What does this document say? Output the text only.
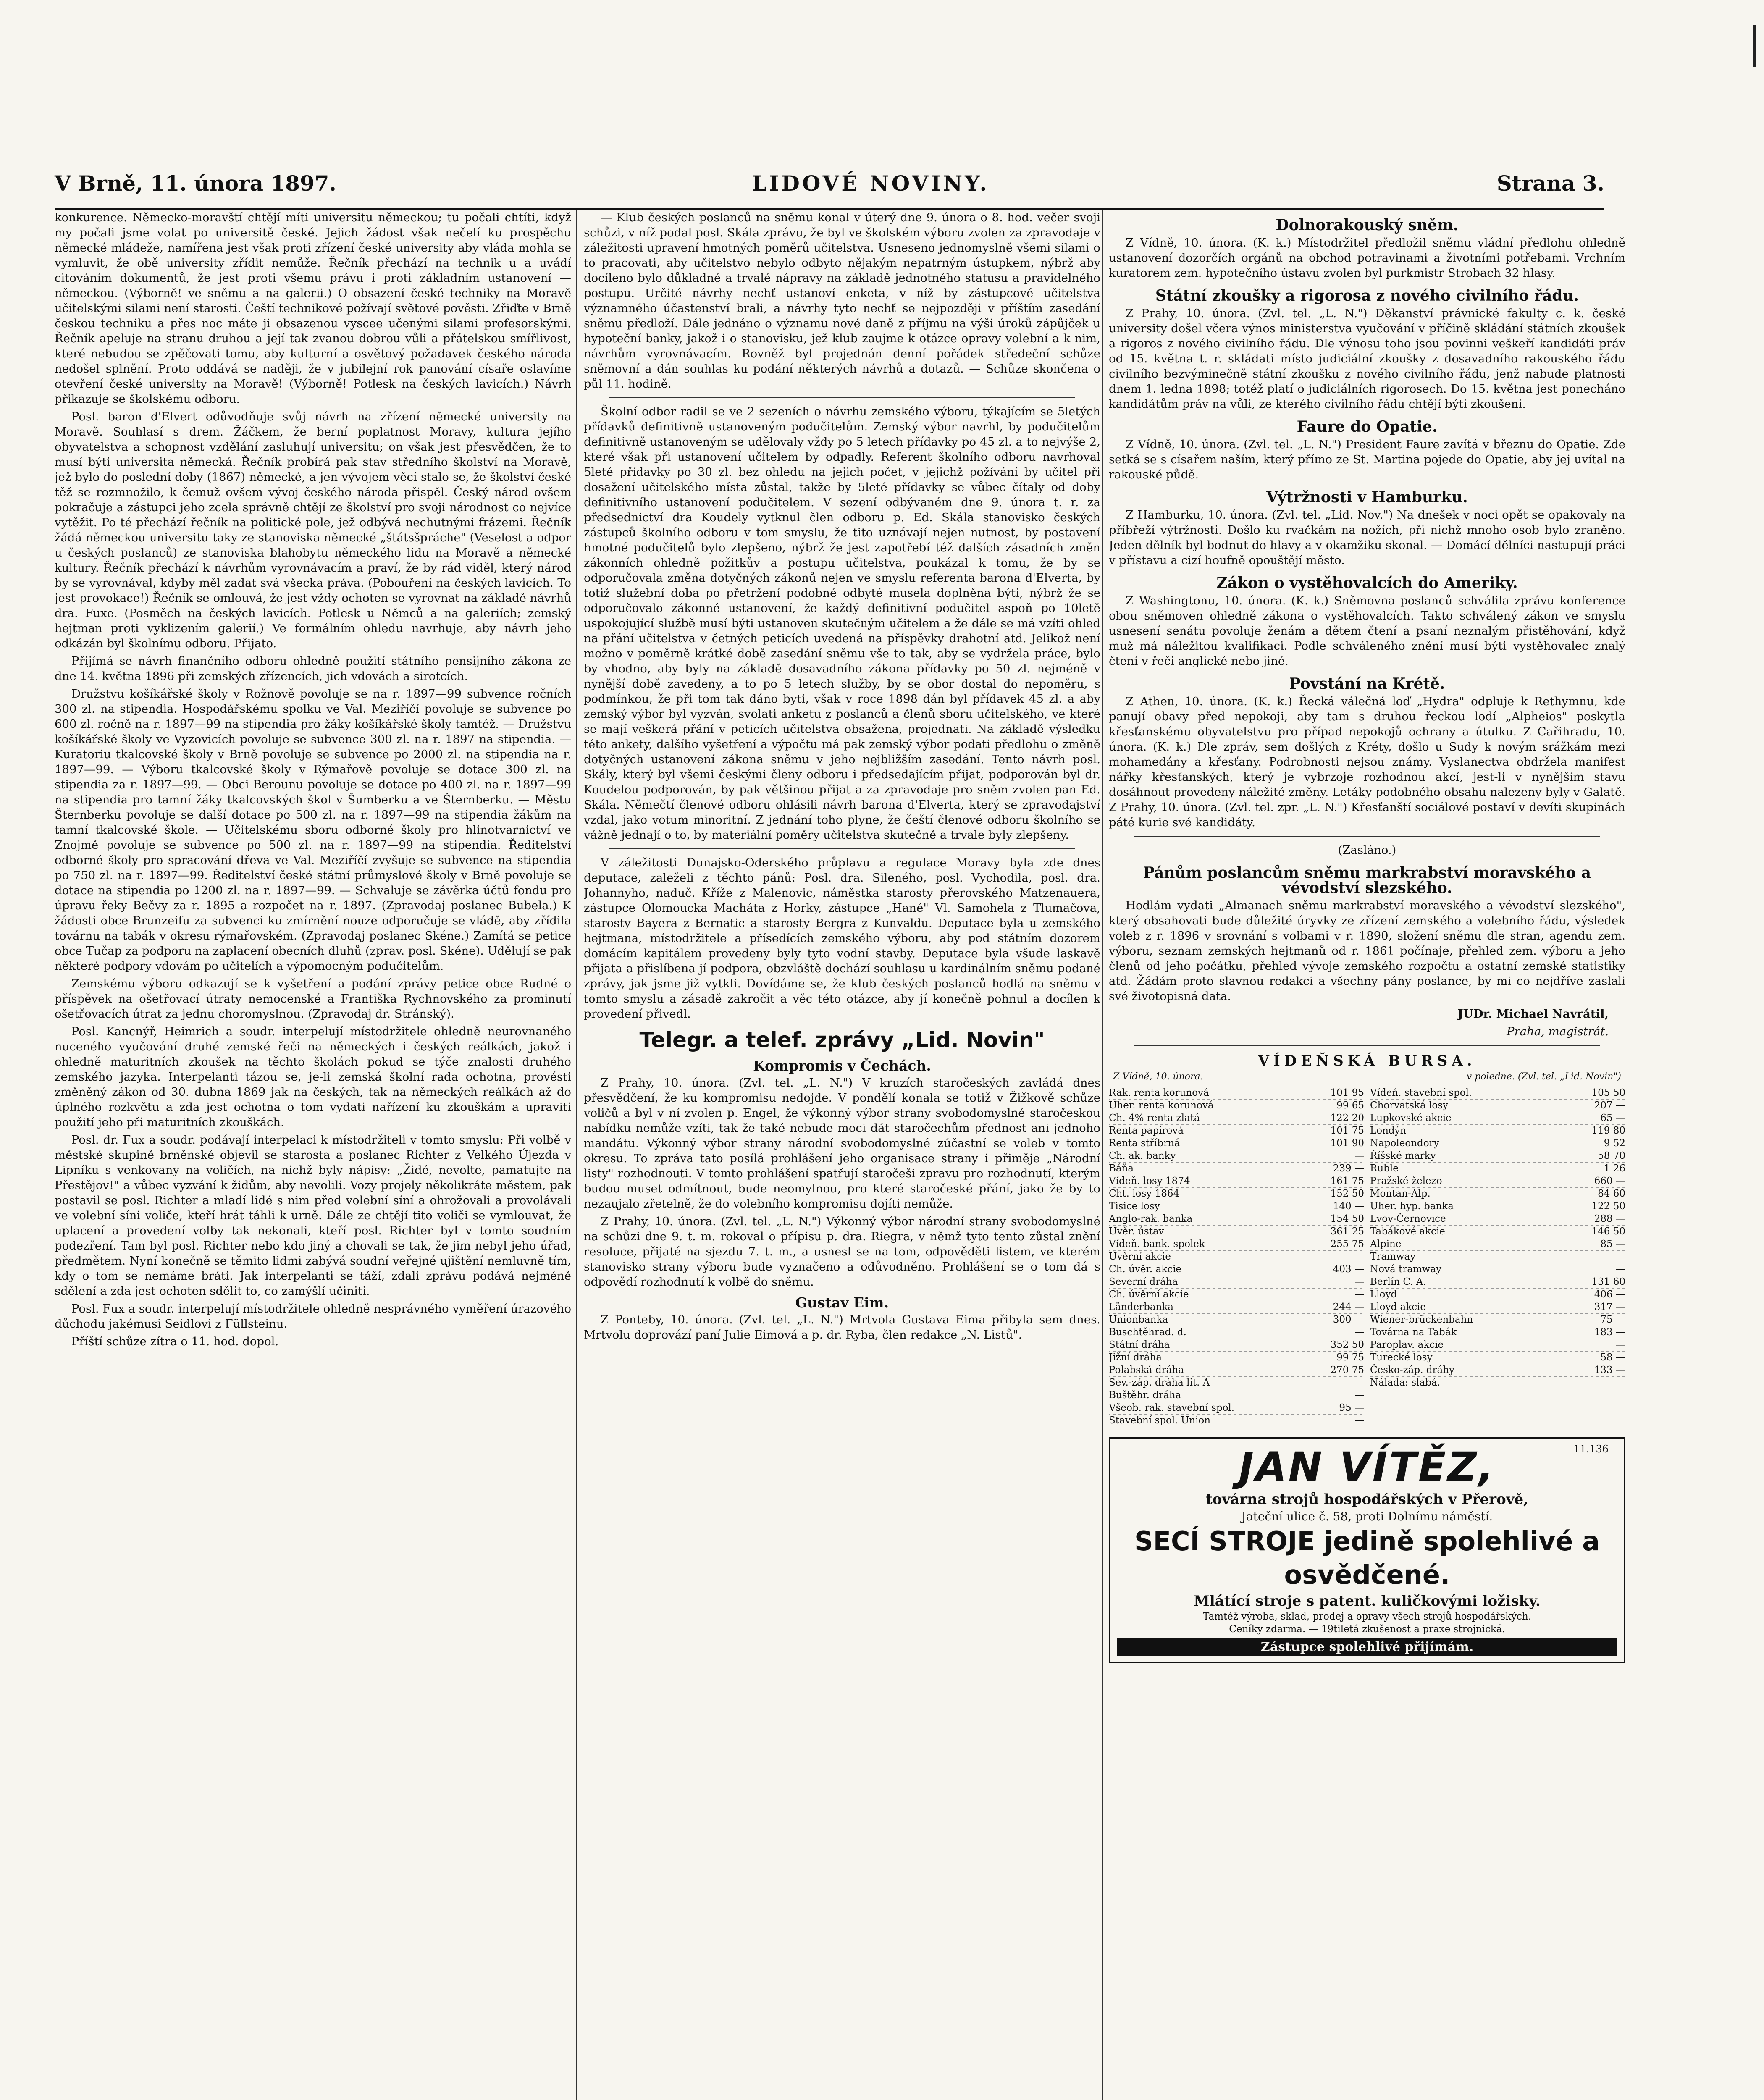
V Brně, 11. února 1897.	LIDOVÉ NOVINY.	Strana 3.

konkurence. Německo-moravští chtějí míti universitu německou; tu počali chtíti, když my počali jsme volat po universitě české. Jejich žádost však nečelí ku prospěchu německé mládeže, namířena jest však proti zřízení české university aby vláda mohla se vymluvit, že obě university zřídit nemůže. Řečník přechází na technik u a uvádí citováním dokumentů, že jest proti všemu právu i proti základním ustanovení — německou. (Výborně! ve sněmu a na galerii.) O obsazení české techniky na Moravě učitelskými silami není starosti. Čeští technikové požívají světové pověsti. Zřiďte v Brně českou techniku a přes noc máte ji obsazenou vyscee učenými silami profesorskými. Řečník apeluje na stranu druhou a její tak zvanou dobrou vůli a přátelskou smířlivost, které nebudou se zpěčovati tomu, aby kulturní a osvětový požadavek českého národa nedošel splnění. Proto oddává se naději, že v jubilejní rok panování císaře oslavíme otevření české university na Moravě! (Výborně! Potlesk na českých lavicích.) Návrh přikazuje se školskému odboru.

Posl. baron d'Elvert odůvodňuje svůj návrh na zřízení německé university na Moravě. Souhlasí s drem. Žáčkem, že berní poplatnost Moravy, kultura jejího obyvatelstva a schopnost vzdělání zasluhují universitu; on však jest přesvědčen, že to musí býti universita německá. Řečník probírá pak stav středního školství na Moravě, jež bylo do poslední doby (1867) německé, a jen vývojem věcí stalo se, že školství české těž se rozmnožilo, k čemuž ovšem vývoj českého národa přispěl. Český národ ovšem pokračuje a zástupci jeho zcela správně chtějí ze školství pro svoji národnost co nejvíce vytěžit. Po té přechází řečník na politické pole, jež odbývá nechutnými frázemi. Řečník žádá německou universitu taky ze stanoviska německé „štátsšpráche" (Veselost a odpor u českých poslanců) ze stanoviska blahobytu německého lidu na Moravě a německé kultury. Řečník přechází k návrhům vyrovnávacím a praví, že by rád viděl, který národ by se vyrovnával, kdyby měl zadat svá všecka práva. (Pobouření na českých lavicích. To jest provokace!) Řečník se omlouvá, že jest vždy ochoten se vyrovnat na základě návrhů dra. Fuxe. (Posměch na českých lavicích. Potlesk u Němců a na galeriích; zemský hejtman proti vyklizením galerií.) Ve formálním ohledu navrhuje, aby návrh jeho odkázán byl školnímu odboru. Přijato.

Přijímá se návrh finančního odboru ohledně použití státního pensijního zákona ze dne 14. května 1896 při zemských zřízencích, jich vdovách a sirotcích.

Družstvu košíkářské školy v Rožnově povoluje se na r. 1897—99 subvence ročních 300 zl. na stipendia. Hospodářskému spolku ve Val. Meziříčí povoluje se subvence po 600 zl. ročně na r. 1897—99 na stipendia pro žáky košíkářské školy tamtéž. — Družstvu košíkářské školy ve Vyzovicích povoluje se subvence 300 zl. na r. 1897 na stipendia. — Kuratoriu tkalcovské školy v Brně povoluje se subvence po 2000 zl. na stipendia na r. 1897—99. — Výboru tkalcovské školy v Rýmařově povoluje se dotace 300 zl. na stipendia za r. 1897—99. — Obci Berounu povoluje se dotace po 400 zl. na r. 1897—99 na stipendia pro tamní žáky tkalcovských škol v Šumberku a ve Šternberku. — Městu Šternberku povoluje se další dotace po 500 zl. na r. 1897—99 na stipendia žákům na tamní tkalcovské škole. — Učitelskému sboru odborné školy pro hlinotvarnictví ve Znojmě povoluje se subvence po 500 zl. na r. 1897—99 na stipendia. Ředitelství odborné školy pro spracování dřeva ve Val. Meziříčí zvyšuje se subvence na stipendia po 750 zl. na r. 1897—99. Ředitelství české státní průmyslové školy v Brně povoluje se dotace na stipendia po 1200 zl. na r. 1897—99. — Schvaluje se závěrka účtů fondu pro úpravu řeky Bečvy za r. 1895 a rozpočet na r. 1897. (Zpravodaj poslanec Bubela.) K žádosti obce Brunzeifu za subvenci ku zmírnění nouze odporučuje se vládě, aby zřídila továrnu na tabák v okresu rýmařovském. (Zpravodaj poslanec Skéne.) Zamítá se petice obce Tučap za podporu na zaplacení obecních dluhů (zprav. posl. Skéne). Udělují se pak některé podpory vdovám po učitelích a výpomocným podučitelům.

Zemskému výboru odkazují se k vyšetření a podání zprávy petice obce Rudné o příspěvek na ošetřovací útraty nemocenské a Františka Rychnovského za prominutí ošetřovacích útrat za jednu choromyslnou. (Zpravodaj dr. Stránský).

Posl. Kancnýř, Heimrich a soudr. interpelují místodržitele ohledně neurovnaného nuceného vyučování druhé zemské řeči na německých i českých reálkách, jakož i ohledně maturitních zkoušek na těchto školách pokud se týče znalosti druhého zemského jazyka. Interpelanti tázou se, je-li zemská školní rada ochotna, provésti změněný zákon od 30. dubna 1869 jak na českých, tak na německých reálkách až do úplného rozkvětu a zda jest ochotna o tom vydati nařízení ku zkouškám a upraviti použití jeho při maturitních zkouškách.

Posl. dr. Fux a soudr. podávají interpelaci k místodržiteli v tomto smyslu: Při volbě v městské skupině brněnské objevil se starosta a poslanec Richter z Velkého Újezda v Lipníku s venkovany na voličích, na nichž byly nápisy: „Židé, nevolte, pamatujte na Přestějov!" a vůbec vyzvání k židům, aby nevolili. Vozy projely několikráte městem, pak postavil se posl. Richter a mladí lidé s nim před volební síní a ohrožovali a provolávali ve volební síni voliče, kteří hrát táhli k urně. Dále ze chtějí tito voliči se vymlouvat, že uplacení a provedení volby tak nekonali, kteří posl. Richter byl v tomto soudním podezření. Tam byl posl. Richter nebo kdo jiný a chovali se tak, že jim nebyl jeho úřad, předmětem. Nyní konečně se těmito lidmi zabývá soudní veřejné ujištění nemluvně tím, kdy o tom se nemáme bráti. Jak interpelanti se táží, zdali zprávu podává nejméně sdělení a zda jest ochoten sdělit to, co zamýšlí učiniti.

Posl. Fux a soudr. interpelují místodržitele ohledně nesprávného vyměření úrazového důchodu jakémusi Seidlovi z Füllsteinu.

Příští schůze zítra o 11. hod. dopol.

— Klub českých poslanců na sněmu konal v úterý dne 9. února o 8. hod. večer svoji schůzi, v níž podal posl. Skála zprávu, že byl ve školském výboru zvolen za zpravodaje v záležitosti upravení hmotných poměrů učitelstva. Usneseno jednomyslně všemi silami o to pracovati, aby učitelstvo nebylo odbyto nějakým nepatrným ústupkem, nýbrž aby docíleno bylo důkladné a trvalé nápravy na základě jednotného statusu a pravidelného postupu. Určité návrhy nechť ustanoví enketa, v níž by zástupcové učitelstva významného účastenství brali, a návrhy tyto nechť se nejpozději v příštím zasedání sněmu předloží. Dále jednáno o významu nové daně z příjmu na výši úroků zápůjček u hypoteční banky, jakož i o stanovisku, jež klub zaujme k otázce opravy volební a k nim, návrhům vyrovnávacím. Rovněž byl projednán denní pořádek středeční schůze sněmovní a dán souhlas ku podání některých návrhů a dotazů. — Schůze skončena o půl 11. hodině.

Školní odbor radil se ve 2 sezeních o návrhu zemského výboru, týkajícím se 5letých přídavků definitivně ustanoveným podučitelům. Zemský výbor navrhl, by podučitelům definitivně ustanoveným se udělovaly vždy po 5 letech přídavky po 45 zl. a to nejvýše 2, které však při ustanovení učitelem by odpadly. Referent školního odboru navrhoval 5leté přídavky po 30 zl. bez ohledu na jejich počet, v jejichž požívání by učitel při dosažení učitelského místa zůstal, takže by 5leté přídavky se vůbec čítaly od doby definitivního ustanovení podučitelem. V sezení odbývaném dne 9. února t. r. za předsednictví dra Koudely vytknul člen odboru p. Ed. Skála stanovisko českých zástupců školního odboru v tom smyslu, že tito uznávají nejen nutnost, by postavení hmotné podučitelů bylo zlepšeno, nýbrž že jest zapotřebí též dalších zásadních změn zákonních ohledně požitkův a postupu učitelstva, poukázal k tomu, že by se odporučovala změna dotyčných zákonů nejen ve smyslu referenta barona d'Elverta, by totiž služební doba po přetržení podobné odbyté musela doplněna býti, nýbrž že se odporučovalo zákonné ustanovení, že každý definitivní podučitel aspoň po 10letě uspokojující službě musí býti ustanoven skutečným učitelem a že dále se má vzíti ohled na přání učitelstva v četných peticích uvedená na příspěvky drahotní atd. Jelikož není možno v poměrně krátké době zasedání sněmu vše to tak, aby se vydržela práce, bylo by vhodno, aby byly na základě dosavadního zákona přídavky po 50 zl. nejméně v nynější době zavedeny, a to po 5 letech služby, by se obor dostal do nepoměru, s podmínkou, že při tom tak dáno byti, však v roce 1898 dán byl přídavek 45 zl. a aby zemský výbor byl vyzván, svolati anketu z poslanců a členů sboru učitelského, ve které se mají veškerá přání v peticích učitelstva obsažena, projednati. Na základě výsledku této ankety, dalšího vyšetření a výpočtu má pak zemský výbor podati předlohu o změně dotyčných ustanovení zákona sněmu v jeho nejbližším zasedání. Tento návrh posl. Skály, který byl všemi českými členy odboru i předsedajícím přijat, podporován byl dr. Koudelou podporován, by pak většinou přijat a za zpravodaje pro sněm zvolen pan Ed. Skála. Němečtí členové odboru ohlásili návrh barona d'Elverta, který se zpravodajství vzdal, jako votum minoritní. Z jednání toho plyne, že čeští členové odboru školního se vážně jednají o to, by materiální poměry učitelstva skutečně a trvale byly zlepšeny.

V záležitosti Dunajsko-Oderského průplavu a regulace Moravy byla zde dnes deputace, zaleželi z těchto pánů: Posl. dra. Sileného, posl. Vychodila, posl. dra. Johannyho, naduč. Kříže z Malenovic, náměstka starosty přerovského Matzenauera, zástupce Olomoucka Macháta z Horky, zástupce „Hané" Vl. Samohela z Tlumačova, starosty Bayera z Bernatic a starosty Bergra z Kunvaldu. Deputace byla u zemského hejtmana, místodržitele a přísedících zemského výboru, aby pod státním dozorem domácím kapitálem provedeny byly tyto vodní stavby. Deputace byla všude laskavě přijata a přislíbena jí podpora, obzvláště dochází souhlasu u kardinálním sněmu podané zprávy, jak jsme již vytkli. Dovídáme se, že klub českých poslanců hodlá na sněmu v tomto smyslu a zásadě zakročit a věc této otázce, aby jí konečně pohnul a docílen k provedení přivedl.

Telegr. a telef. zprávy „Lid. Novin"
Kompromis v Čechách.

Z Prahy, 10. února. (Zvl. tel. „L. N.") V kruzích staročeských zavládá dnes přesvědčení, že ku kompromisu nedojde. V pondělí konala se totiž v Žižkově schůze voličů a byl v ní zvolen p. Engel, že výkonný výbor strany svobodomyslné staročeskou nabídku nemůže vzíti, tak že také nebude moci dát staročechům přednost ani jednoho mandátu. Výkonný výbor strany národní svobodomyslné zúčastní se voleb v tomto okresu. To zpráva tato posílá prohlášení jeho organisace strany i přiměje „Národní listy" rozhodnouti. V tomto prohlášení spatřují staročeši zpravu pro rozhodnutí, kterým budou muset odmítnout, bude neomylnou, pro které staročeské přání, jako že by to nezaujalo zřetelně, že do volebního kompromisu dojíti nemůže.

Z Prahy, 10. února. (Zvl. tel. „L. N.") Výkonný výbor národní strany svobodomyslné na schůzi dne 9. t. m. rokoval o přípisu p. dra. Riegra, v němž tyto tento zůstal znění resoluce, přijaté na sjezdu 7. t. m., a usnesl se na tom, odpověděti listem, ve kterém stanovisko strany výboru bude vyznačeno a odůvodněno. Prohlášení se o tom dá s odpovědí rozhodnutí k volbě do sněmu.

Gustav Eim.

Z Ponteby, 10. února. (Zvl. tel. „L. N.") Mrtvola Gustava Eima přibyla sem dnes. Mrtvolu doprovází paní Julie Eimová a p. dr. Ryba, člen redakce „N. Listů".

Dolnorakouský sněm.

Z Vídně, 10. února. (K. k.) Místodržitel předložil sněmu vládní předlohu ohledně ustanovení dozorčích orgánů na obchod potravinami a životními potřebami. Vrchním kuratorem zem. hypotečního ústavu zvolen byl purkmistr Strobach 32 hlasy.

Státní zkoušky a rigorosa z nového civilního řádu.

Z Prahy, 10. února. (Zvl. tel. „L. N.") Děkanství právnické fakulty c. k. české university došel včera výnos ministerstva vyučování v příčině skládání státních zkoušek a rigoros z nového civilního řádu. Dle výnosu toho jsou povinni veškeří kandidáti práv od 15. května t. r. skládati místo judiciální zkoušky z dosavadního rakouského řádu civilního bezvýminečně státní zkoušku z nového civilního řádu, jenž nabude platnosti dnem 1. ledna 1898; totéž platí o judiciálních rigorosech. Do 15. května jest ponecháno kandidátům práv na vůli, ze kterého civilního řádu chtějí býti zkoušeni.

Faure do Opatie.

Z Vídně, 10. února. (Zvl. tel. „L. N.") President Faure zavítá v březnu do Opatie. Zde setká se s císařem naším, který přímo ze St. Martina pojede do Opatie, aby jej uvítal na rakouské půdě.

Výtržnosti v Hamburku.

Z Hamburku, 10. února. (Zvl. tel. „Lid. Nov.") Na dnešek v noci opět se opakovaly na příbřeží výtržnosti. Došlo ku rvačkám na nožích, při nichž mnoho osob bylo zraněno. Jeden dělník byl bodnut do hlavy a v okamžiku skonal. — Domácí dělníci nastupují práci v přístavu a cizí houfně opouštějí město.

Zákon o vystěhovalcích do Ameriky.

Z Washingtonu, 10. února. (K. k.) Sněmovna poslanců schválila zprávu konference obou sněmoven ohledně zákona o vystěhovalcích. Takto schválený zákon ve smyslu usnesení senátu povoluje ženám a dětem čtení a psaní neznalým přistěhování, když muž má náležitou kvalifikaci. Podle schváleného znění musí býti vystěhovalec znalý čtení v řeči anglické nebo jiné.

Povstání na Krétě.

Z Athen, 10. února. (K. k.) Řecká válečná loď „Hydra" odpluje k Rethymnu, kde panují obavy před nepokoji, aby tam s druhou řeckou lodí „Alpheios" poskytla křesťanskému obyvatelstvu pro případ nepokojů ochrany a útulku. Z Cařihradu, 10. února. (K. k.) Dle zpráv, sem došlých z Kréty, došlo u Sudy k novým srážkám mezi mohamedány a křesťany. Podrobnosti nejsou známy. Vyslanectva obdržela manifest nářky křesťanských, který je vybrzoje rozhodnou akcí, jest-li v nynějším stavu dosáhnout provedeny náležité změny. Letáky podobného obsahu nalezeny byly v Galatě. Z Prahy, 10. února. (Zvl. tel. zpr. „L. N.") Křesťanští sociálové postaví v devíti skupinách páté kurie své kandidáty.

(Zasláno.)
Pánům poslancům sněmu markrabství moravského a vévodství slezského.

Hodlám vydati „Almanach sněmu markrabství moravského a vévodství slezského", který obsahovati bude důležité úryvky ze zřízení zemského a volebního řádu, výsledek voleb z r. 1896 v srovnání s volbami v r. 1890, složení sněmu dle stran, agendu zem. výboru, seznam zemských hejtmanů od r. 1861 počínaje, přehled zem. výboru a jeho členů od jeho počátku, přehled vývoje zemského rozpočtu a ostatní zemské statistiky atd. Žádám proto slavnou redakci a všechny pány poslance, by mi co nejdříve zaslali své životopisná data.

JUDr. Michael Navrátil,
Praha, magistrát.
VÍDEŇSKÁ BURSA.
Z Vídně, 10. února.	v poledne. (Zvl. tel. „Lid. Novin")
Rak. renta korunová	101 95
Uher. renta korunová	99 65
Ch. 4% renta zlatá	122 20
Renta papírová	101 75
Renta stříbrná	101 90
Ch. ak. banky	—
Báňa	239 —
Vídeň. losy 1874	161 75
Cht. losy 1864	152 50
Tisice losy	140 —
Anglo-rak. banka	154 50
Úvěr. ústav	361 25
Vídeň. bank. spolek	255 75
Úvěrní akcie	—
Ch. úvěr. akcie	403 —
Severní dráha	—
Ch. úvěrní akcie	—
Länderbanka	244 —
Unionbanka	300 —
Buschtěhrad. d.	—
Státní dráha	352 50
Jižní dráha	99 75
Polabská dráha	270 75
Sev.-záp. dráha lit. A	—
Buštěhr. dráha	—
Všeob. rak. stavební spol.	95 —
Stavební spol. Union	—
Vídeň. stavební spol.	105 50
Chorvatská losy	207 —
Lupkovské akcie	65 —
Londýn	119 80
Napoleondory	9 52
Říšské marky	58 70
Ruble	1 26
Pražské železo	660 —
Montan-Alp.	84 60
Uher. hyp. banka	122 50
Lvov-Černovice	288 —
Tabákové akcie	146 50
Alpine	85 —
Tramway	—
Nová tramway	—
Berlín C. A.	131 60
Lloyd	406 —
Lloyd akcie	317 —
Wiener-brückenbahn	75 —
Továrna na Tabák	183 —
Paroplav. akcie	—
Turecké losy	58 —
Česko-záp. dráhy	133 —
Nálada: slabá.
11.136
JAN VÍTĚZ,
továrna strojů hospodářských v Přerově,
Jateční ulice č. 58, proti Dolnímu náměstí.
SECÍ STROJE jedině spolehlivé a osvědčené.
Mlátící stroje s patent. kuličkovými ložisky.
Tamtéž výroba, sklad, prodej a opravy všech strojů hospodářských.
Ceníky zdarma. — 19tiletá zkušenost a praxe strojnická.
Zástupce spolehlivé přijímám.
